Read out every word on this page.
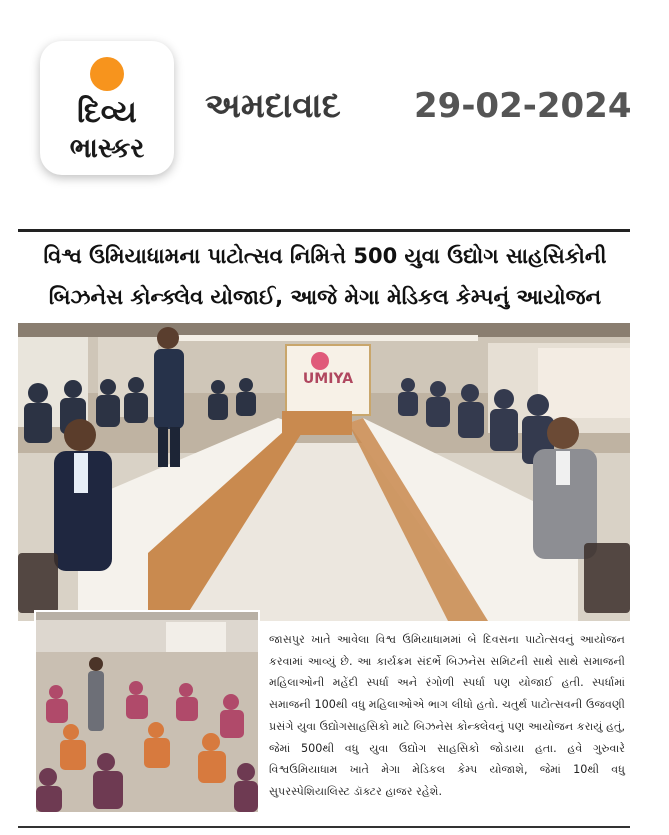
દિવ્ય
ભાસ્કર
અમદાવાદ 29-02-2024
વિશ્વ ઉમિયાધામના પાટોત્સવ નિમિત્તે 500 યુવા ઉદ્યોગ સાહસિકોની
બિઝનેસ કોન્ક્લેવ યોજાઈ, આજે મેગા મેડિકલ કેમ્પનું આયોજન
UMIYA
જાસપુર ખાતે આવેલા વિશ્વ ઉમિયાધામમાં બે દિવસના પાટોત્સવનું આયોજન કરવામાં આવ્યું છે. આ કાર્યક્રમ સંદર્ભે બિઝનેસ સમિટની સાથે સાથે સમાજની મહિલાઓની મહેંદી સ્પર્ધા અને રંગોળી સ્પર્ધા પણ યોજાઈ હતી. સ્પર્ધામાં સમાજની 100થી વધુ મહિલાઓએ ભાગ લીધો હતો. ચતુર્થ પાટોત્સવની ઉજવણી પ્રસંગે યુવા ઉદ્યોગસાહસિકો માટે બિઝનેસ કોન્ક્લેવનું પણ આયોજન કરાયું હતું, જેમાં 500થી વધુ યુવા ઉદ્યોગ સાહસિકો જોડાયા હતા. હવે ગુરુવારે વિશ્વઉમિયાધામ ખાતે મેગા મેડિકલ કેમ્પ યોજાશે, જેમાં 10થી વધુ સુપરસ્પેશિયાલિસ્ટ ડૉક્ટર હાજર રહેશે.
